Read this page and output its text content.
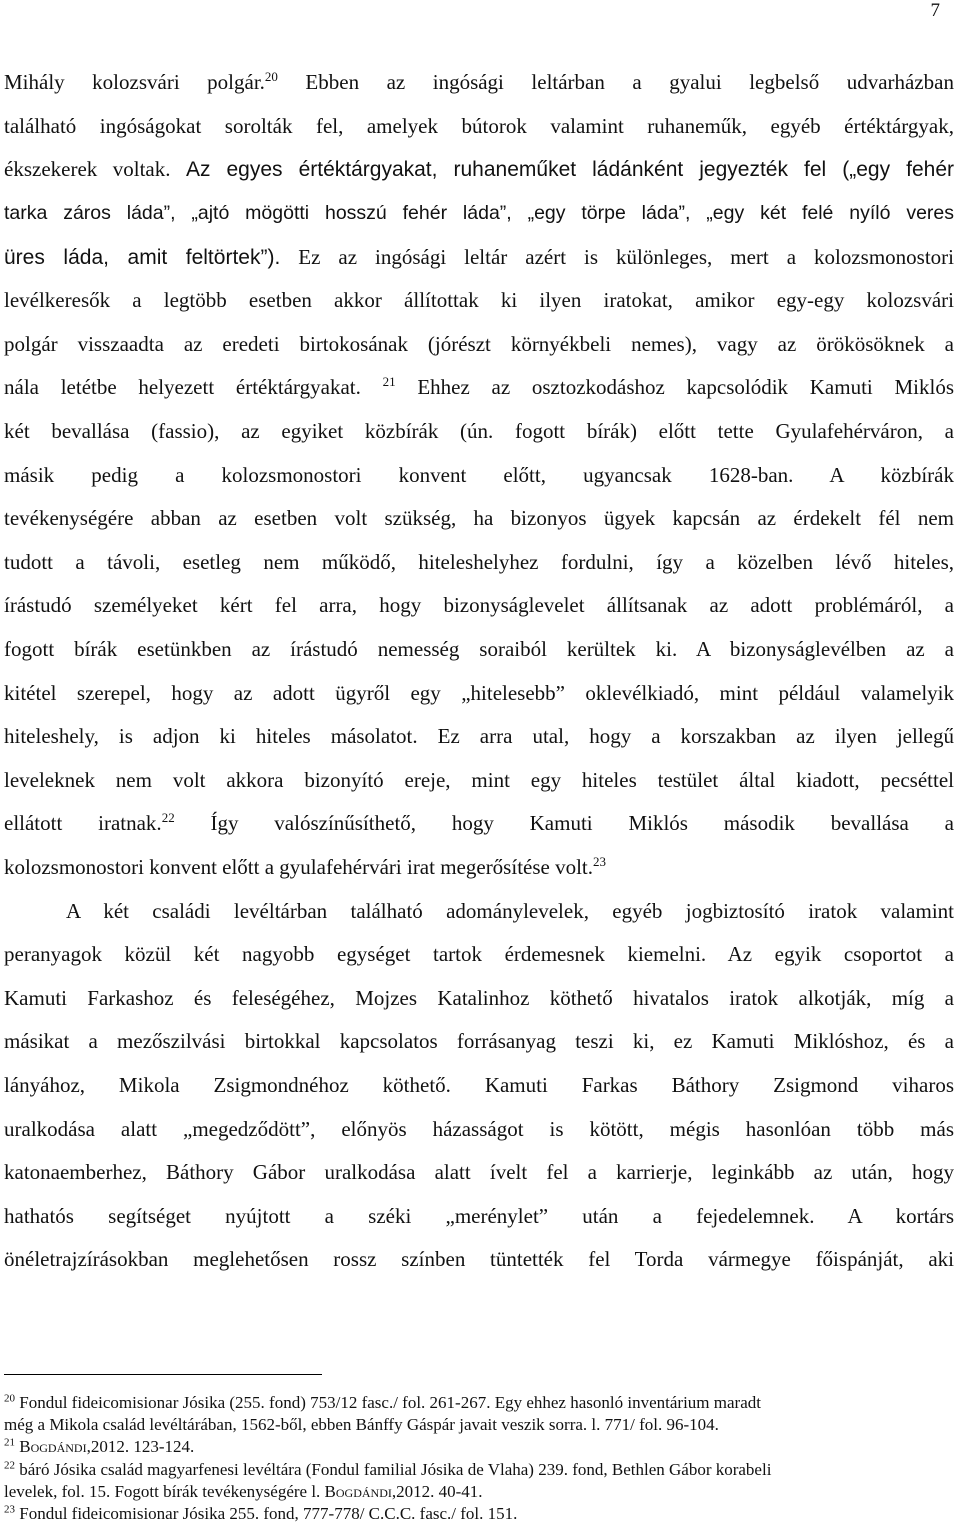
7
Mihály kolozsvári polgár.$^{20}$ Ebben az ingósági leltárban a gyalui legbelső udvarházban
található ingóságokat sorolták fel, amelyek bútorok valamint ruhaneműk, egyéb értéktárgyak,
ékszekerek voltak. Az egyes értéktárgyakat, ruhaneműket ládánként jegyezték fel („egy fehér
tarka záros láda”, „ajtó mögötti hosszú fehér láda”, „egy törpe láda”, „egy két felé nyíló veres
üres láda, amit feltörtek”). Ez az ingósági leltár azért is különleges, mert a kolozsmonostori
levélkeresők a legtöbb esetben akkor állítottak ki ilyen iratokat, amikor egy-egy kolozsvári
polgár visszaadta az eredeti birtokosának (jórészt környékbeli nemes), vagy az örökösöknek a
nála letétbe helyezett értéktárgyakat. $^{21}$ Ehhez az osztozkodáshoz kapcsolódik Kamuti Miklós
két bevallása (fassio), az egyiket közbírák (ún. fogott bírák) előtt tette Gyulafehérváron, a
másik pedig a kolozsmonostori konvent előtt, ugyancsak 1628-ban. A közbírák
tevékenységére abban az esetben volt szükség, ha bizonyos ügyek kapcsán az érdekelt fél nem
tudott a távoli, esetleg nem működő, hiteleshelyhez fordulni, így a közelben lévő hiteles,
írástudó személyeket kért fel arra, hogy bizonyságlevelet állítsanak az adott problémáról, a
fogott bírák esetünkben az írástudó nemesség soraiból kerültek ki. A bizonyságlevélben az a
kitétel szerepel, hogy az adott ügyről egy „hitelesebb” oklevélkiadó, mint például valamelyik
hiteleshely, is adjon ki hiteles másolatot. Ez arra utal, hogy a korszakban az ilyen jellegű
leveleknek nem volt akkora bizonyító ereje, mint egy hiteles testület által kiadott, pecséttel
ellátott iratnak.$^{22}$ Így valószínűsíthető, hogy Kamuti Miklós második bevallása a
kolozsmonostori konvent előtt a gyulafehérvári irat megerősítése volt.$^{23}$
A két családi levéltárban található adománylevelek, egyéb jogbiztosító iratok valamint
peranyagok közül két nagyobb egységet tartok érdemesnek kiemelni. Az egyik csoportot a
Kamuti Farkashoz és feleségéhez, Mojzes Katalinhoz köthető hivatalos iratok alkotják, míg a
másikat a mezőszilvási birtokkal kapcsolatos forrásanyag teszi ki, ez Kamuti Miklóshoz, és a
lányához, Mikola Zsigmondnéhoz köthető. Kamuti Farkas Báthory Zsigmond viharos
uralkodása alatt „megedződött”, előnyös házasságot is kötött, mégis hasonlóan több más
katonaemberhez, Báthory Gábor uralkodása alatt ívelt fel a karrierje, leginkább az után, hogy
hathatós segítséget nyújtott a széki „merénylet” után a fejedelemnek. A kortárs
önéletrajzírásokban meglehetősen rossz színben tüntették fel Torda vármegye főispánját, aki
$^{20}$ Fondul fideicomisionar Jósika (255. fond) 753/12 fasc./ fol. 261-267. Egy ehhez hasonló inventárium maradt
még a Mikola család levéltárában, 1562-ből, ebben Bánffy Gáspár javait veszik sorra. l. 771/ fol. 96-104.
$^{21}$ Bogdándi,2012. 123-124.
$^{22}$ báró Jósika család magyarfenesi levéltára (Fondul familial Jósika de Vlaha) 239. fond, Bethlen Gábor korabeli
levelek, fol. 15. Fogott bírák tevékenységére l. Bogdándi,2012. 40-41.
$^{23}$ Fondul fideicomisionar Jósika 255. fond, 777-778/ C.C.C. fasc./ fol. 151.
